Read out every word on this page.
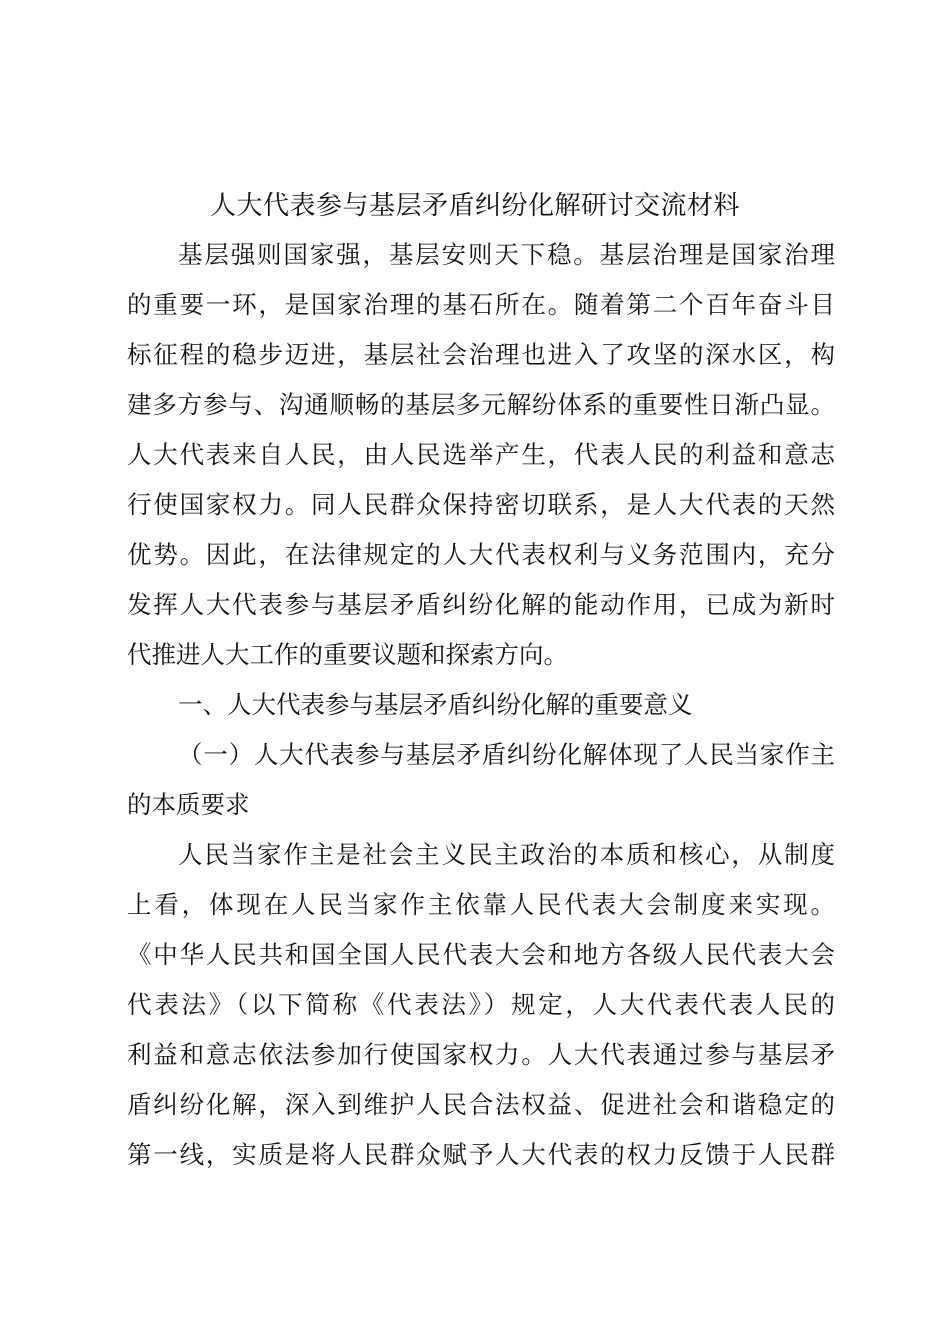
人大代表参与基层矛盾纠纷化解研讨交流材料

基层强则国家强，基层安则天下稳。基层治理是国家治理

的重要一环，是国家治理的基石所在。随着第二个百年奋斗目

标征程的稳步迈进，基层社会治理也进入了攻坚的深水区，构

建多方参与、沟通顺畅的基层多元解纷体系的重要性日渐凸显。

人大代表来自人民，由人民选举产生，代表人民的利益和意志

行使国家权力。同人民群众保持密切联系，是人大代表的天然

优势。因此，在法律规定的人大代表权利与义务范围内，充分

发挥人大代表参与基层矛盾纠纷化解的能动作用，已成为新时

代推进人大工作的重要议题和探索方向。

一、人大代表参与基层矛盾纠纷化解的重要意义

（一）人大代表参与基层矛盾纠纷化解体现了人民当家作主

的本质要求

人民当家作主是社会主义民主政治的本质和核心，从制度

上看，体现在人民当家作主依靠人民代表大会制度来实现。

《中华人民共和国全国人民代表大会和地方各级人民代表大会

代表法》（以下简称《代表法》）规定，人大代表代表人民的

利益和意志依法参加行使国家权力。人大代表通过参与基层矛

盾纠纷化解，深入到维护人民合法权益、促进社会和谐稳定的

第一线，实质是将人民群众赋予人大代表的权力反馈于人民群
